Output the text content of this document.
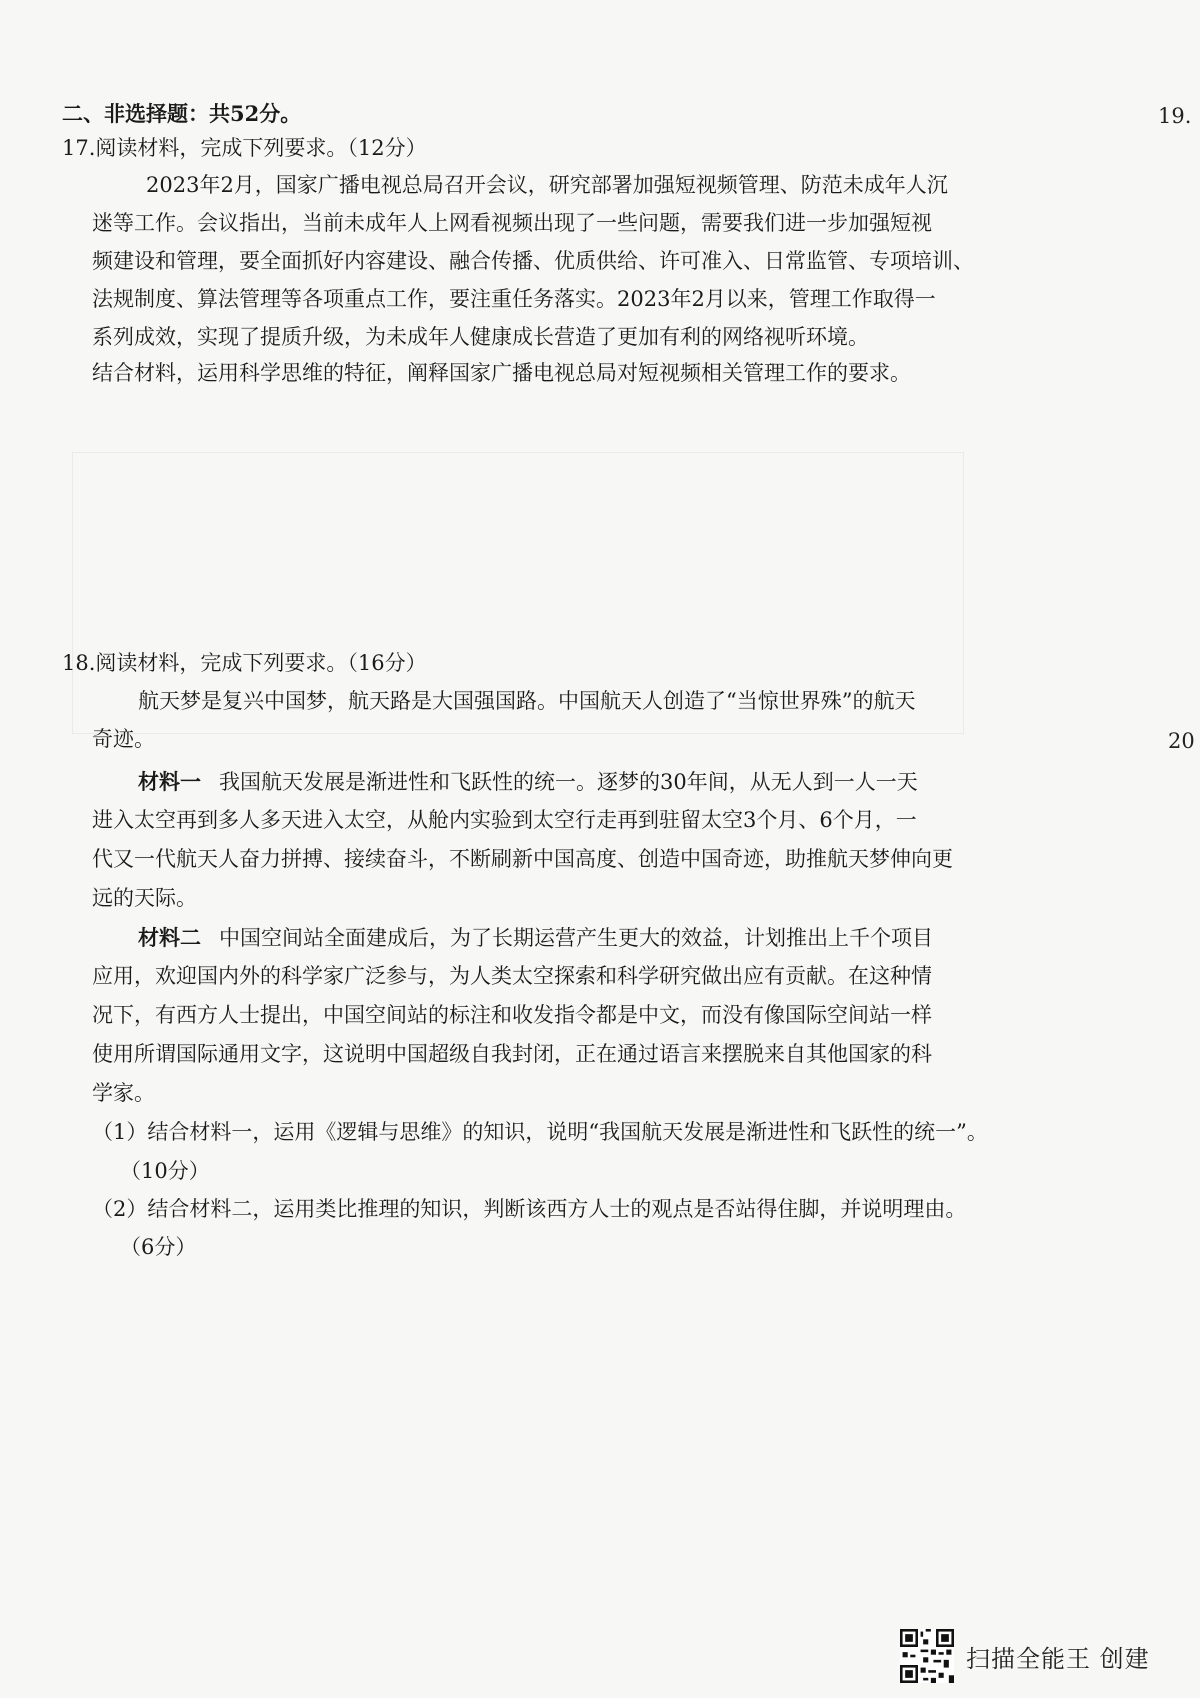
二、非选择题：共52分。	19.
17.阅读材料，完成下列要求。（12分）
2023年2月，国家广播电视总局召开会议，研究部署加强短视频管理、防范未成年人沉
迷等工作。会议指出，当前未成年人上网看视频出现了一些问题，需要我们进一步加强短视
频建设和管理，要全面抓好内容建设、融合传播、优质供给、许可准入、日常监管、专项培训、
法规制度、算法管理等各项重点工作，要注重任务落实。2023年2月以来，管理工作取得一
系列成效，实现了提质升级，为未成年人健康成长营造了更加有利的网络视听环境。
结合材料，运用科学思维的特征，阐释国家广播电视总局对短视频相关管理工作的要求。
18.阅读材料，完成下列要求。（16分）
航天梦是复兴中国梦，航天路是大国强国路。中国航天人创造了“当惊世界殊”的航天
奇迹。	20
材料一 我国航天发展是渐进性和飞跃性的统一。逐梦的30年间，从无人到一人一天
进入太空再到多人多天进入太空，从舱内实验到太空行走再到驻留太空3个月、6个月，一
代又一代航天人奋力拼搏、接续奋斗，不断刷新中国高度、创造中国奇迹，助推航天梦伸向更
远的天际。
材料二 中国空间站全面建成后，为了长期运营产生更大的效益，计划推出上千个项目
应用，欢迎国内外的科学家广泛参与，为人类太空探索和科学研究做出应有贡献。在这种情
况下，有西方人士提出，中国空间站的标注和收发指令都是中文，而没有像国际空间站一样
使用所谓国际通用文字，这说明中国超级自我封闭，正在通过语言来摆脱来自其他国家的科
学家。
（1）结合材料一，运用《逻辑与思维》的知识，说明“我国航天发展是渐进性和飞跃性的统一”。
（10分）
（2）结合材料二，运用类比推理的知识，判断该西方人士的观点是否站得住脚，并说明理由。
（6分）
扫描全能王 创建
